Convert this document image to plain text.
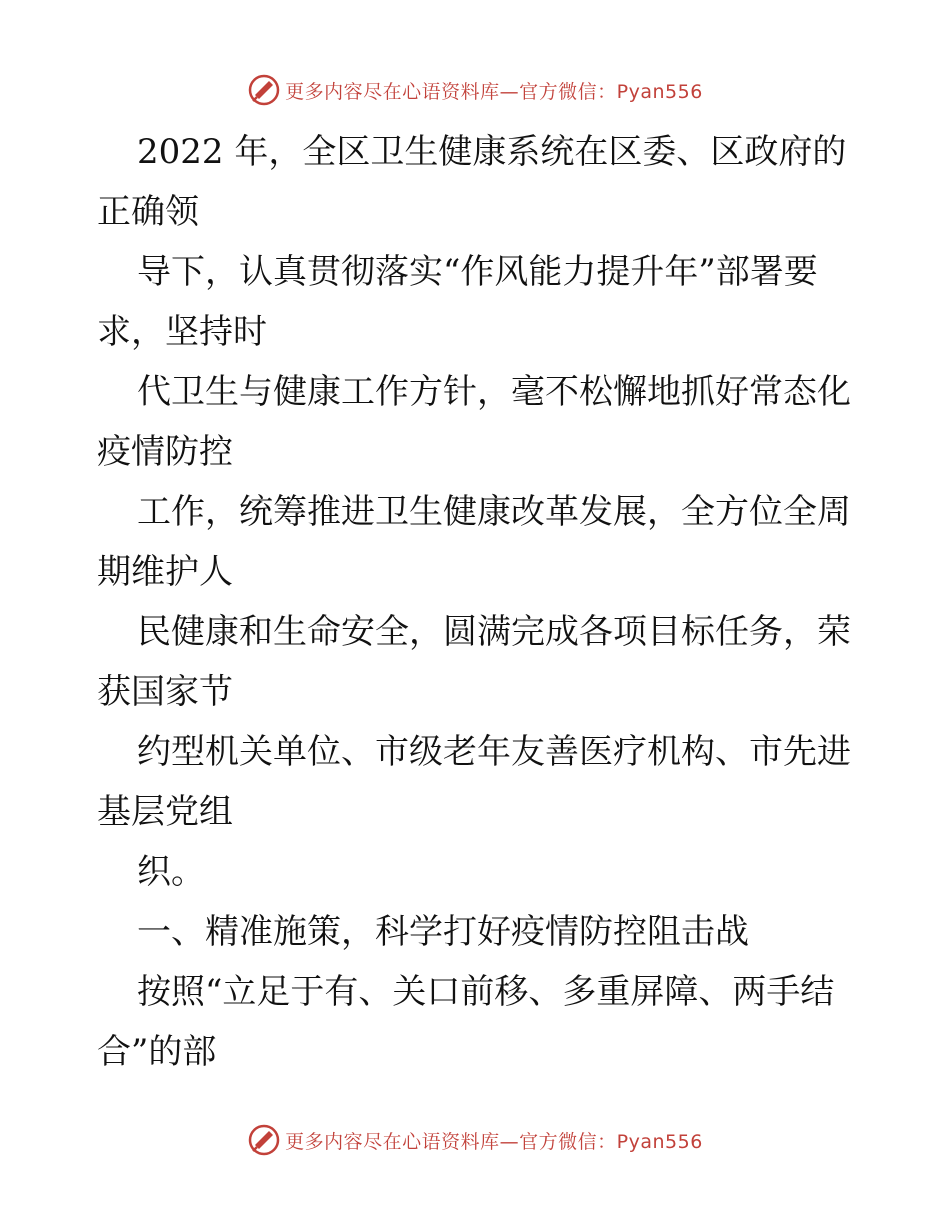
更多内容尽在心语资料库—官方微信：Pyan556

2022 年，全区卫生健康系统在区委、区政府的

正确领

导下，认真贯彻落实“作风能力提升年”部署要

求，坚持时

代卫生与健康工作方针，毫不松懈地抓好常态化

疫情防控

工作，统筹推进卫生健康改革发展，全方位全周

期维护人

民健康和生命安全，圆满完成各项目标任务，荣

获国家节

约型机关单位、市级老年友善医疗机构、市先进

基层党组

织。

一、精准施策，科学打好疫情防控阻击战

按照“立足于有、关口前移、多重屏障、两手结

合”的部

更多内容尽在心语资料库—官方微信：Pyan556
